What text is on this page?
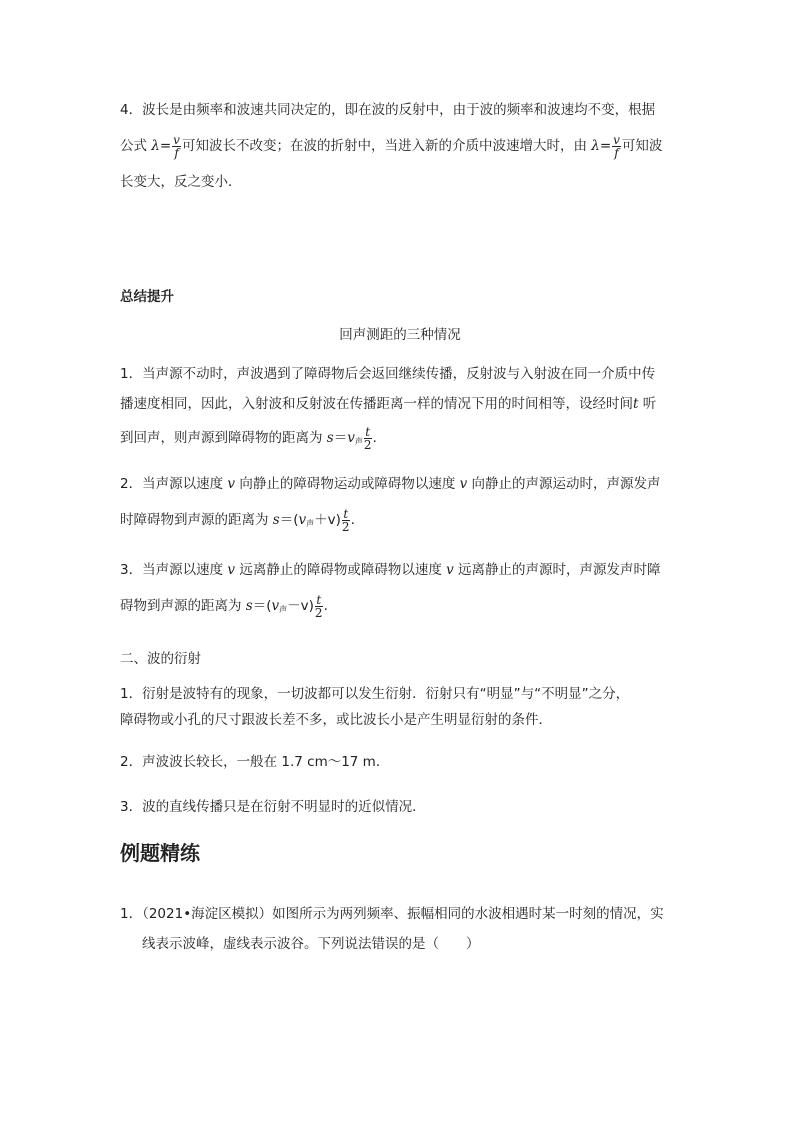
4．波长是由频率和波速共同决定的，即在波的反射中，由于波的频率和波速均不变，根据

公式 $\lambda= \frac{v}{f}$ 可知波长不改变；在波的折射中，当进入新的介质中波速增大时，由 $\lambda= \frac{v}{f}$ 可知波

长变大，反之变小．

总结提升

回声测距的三种情况

1．当声源不动时，声波遇到了障碍物后会返回继续传播，反射波与入射波在同一介质中传

播速度相同，因此，入射波和反射波在传播距离一样的情况下用的时间相等，设经时间t 听

到回声，则声源到障碍物的距离为 $s=v_声 \frac{t}{2}$ .

2．当声源以速度 v 向静止的障碍物运动或障碍物以速度 v 向静止的声源运动时，声源发声

时障碍物到声源的距离为 $s=(v_声+v) \frac{t}{2}$ .

3．当声源以速度 v 远离静止的障碍物或障碍物以速度 v 远离静止的声源时，声源发声时障

碍物到声源的距离为 $s=(v_声-v) \frac{t}{2}$ .

二、波的衍射

1．衍射是波特有的现象，一切波都可以发生衍射．衍射只有“明显”与“不明显”之分，

障碍物或小孔的尺寸跟波长差不多，或比波长小是产生明显衍射的条件．

2．声波波长较长，一般在 1.7 cm～17 m．

3．波的直线传播只是在衍射不明显时的近似情况．

例题精练

1．（2021•海淀区模拟）如图所示为两列频率、振幅相同的水波相遇时某一时刻的情况，实

线表示波峰，虚线表示波谷。下列说法错误的是（　　）
